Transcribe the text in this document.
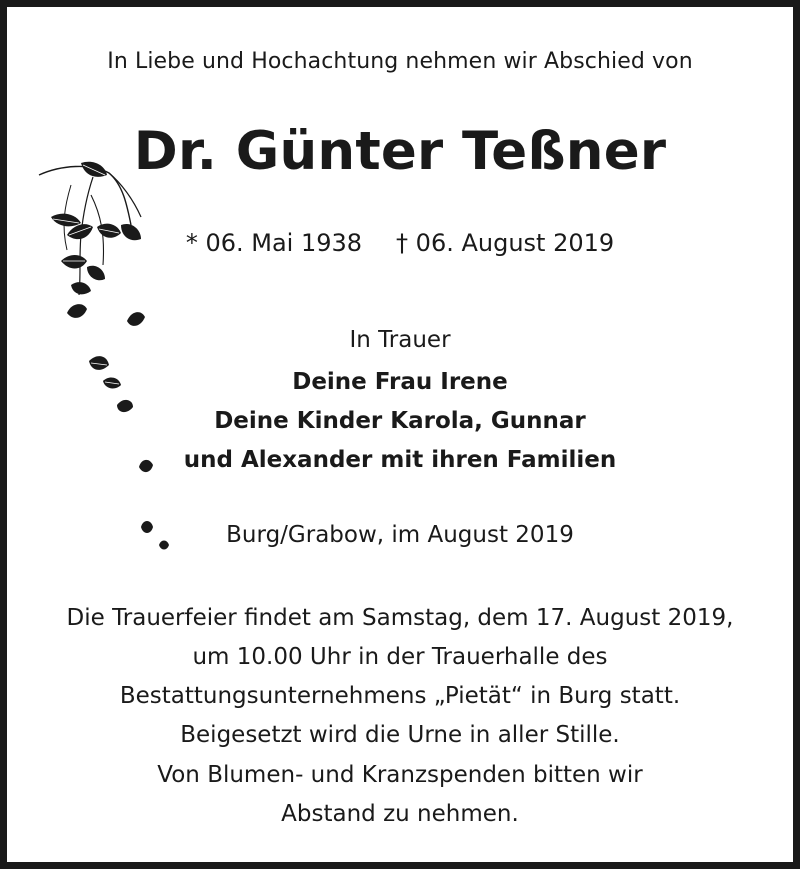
In Liebe und Hochachtung nehmen wir Abschied von
Dr. Günter Teßner
* 06. Mai 1938 † 06. August 2019
In Trauer
Deine Frau Irene
Deine Kinder Karola, Gunnar
und Alexander mit ihren Familien
Burg/Grabow, im August 2019
Die Trauerfeier findet am Samstag, dem 17. August 2019,
um 10.00 Uhr in der Trauerhalle des
Bestattungsunternehmens „Pietät“ in Burg statt.
Beigesetzt wird die Urne in aller Stille.
Von Blumen- und Kranzspenden bitten wir
Abstand zu nehmen.
